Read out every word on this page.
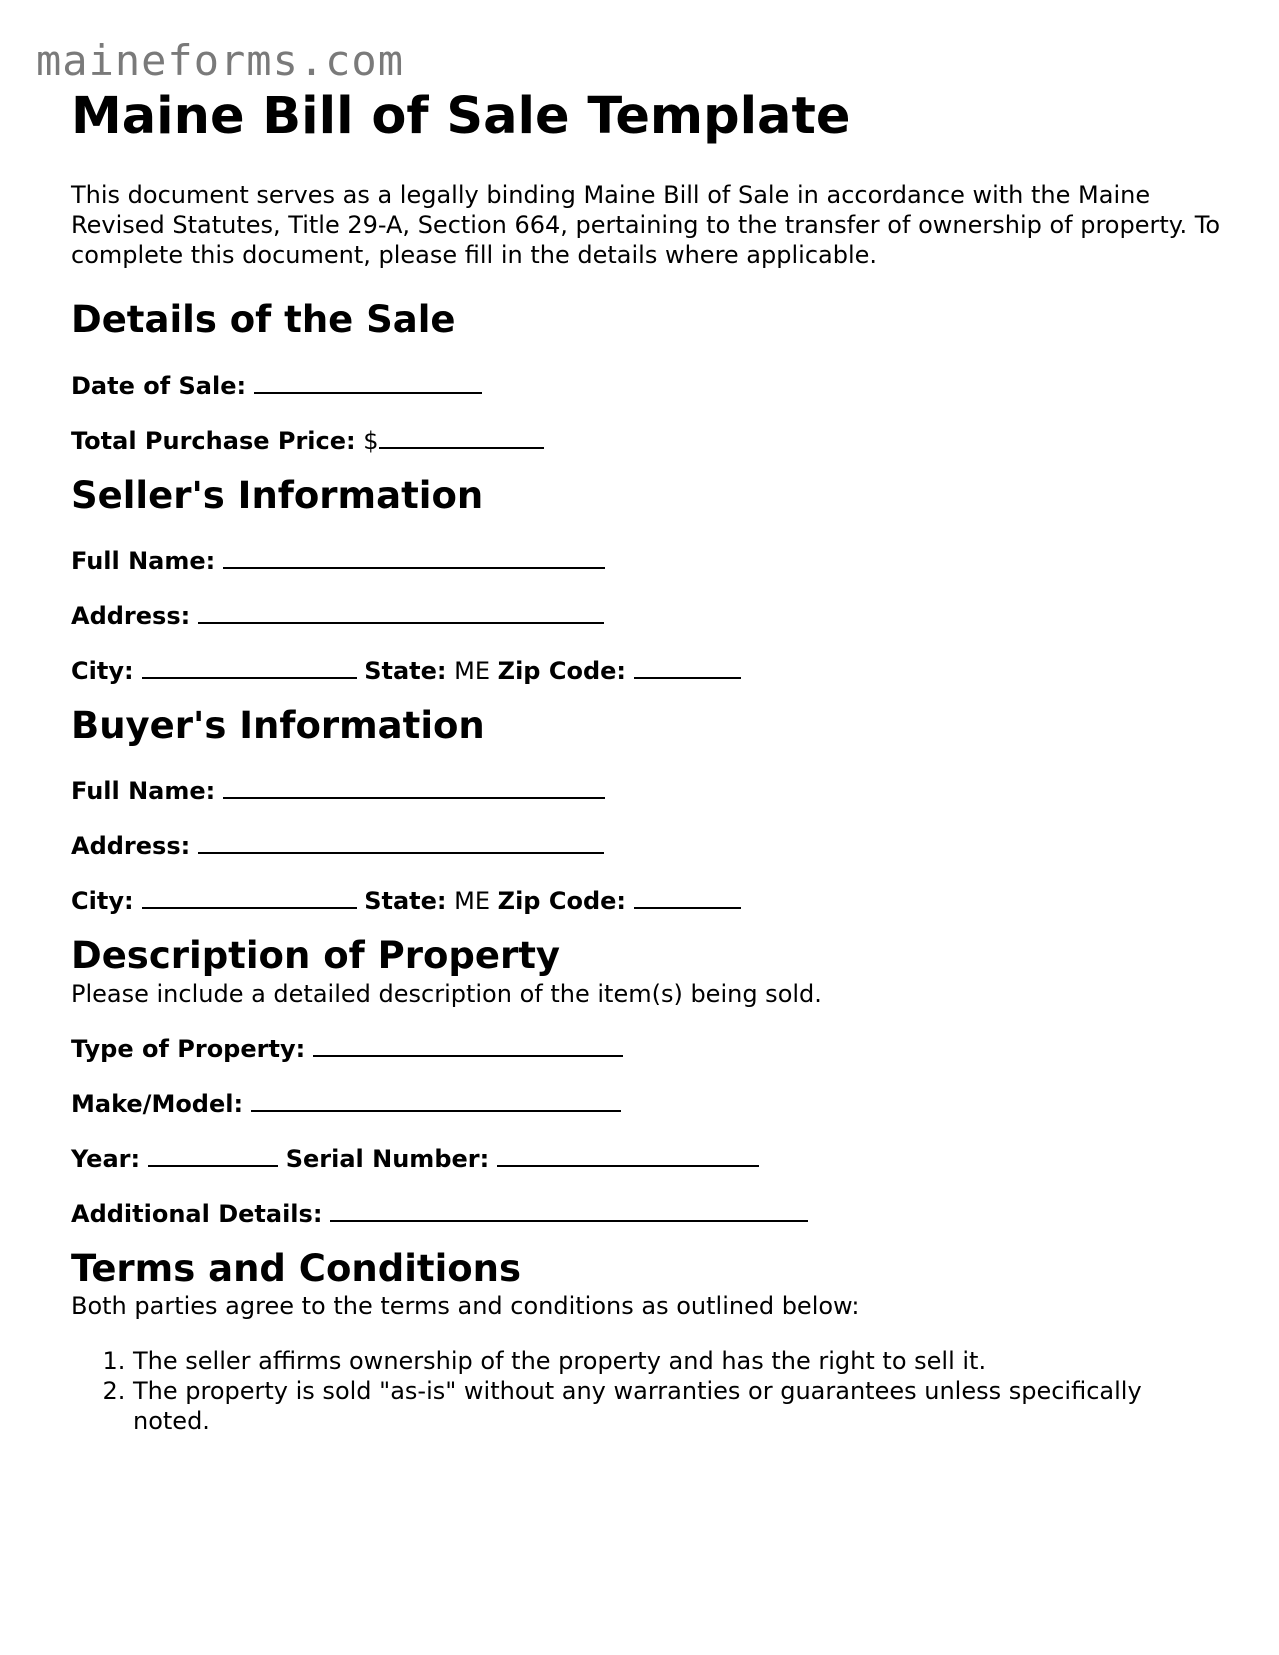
maineforms.com
Maine Bill of Sale Template

This document serves as a legally binding Maine Bill of Sale in accordance with the Maine Revised Statutes, Title 29-A, Section 664, pertaining to the transfer of ownership of property. To complete this document, please fill in the details where applicable.

Details of the Sale
Date of Sale:
Total Purchase Price: $
Seller's Information
Full Name:
Address:
City:	State: ME Zip Code:
Buyer's Information
Full Name:
Address:
City:	State: ME Zip Code:
Description of Property

Please include a detailed description of the item(s) being sold.

Type of Property:
Make/Model:
Year:	Serial Number:
Additional Details:
Terms and Conditions

Both parties agree to the terms and conditions as outlined below:

1. The seller affirms ownership of the property and has the right to sell it.
2. The property is sold "as-is" without any warranties or guarantees unless specifically noted.
